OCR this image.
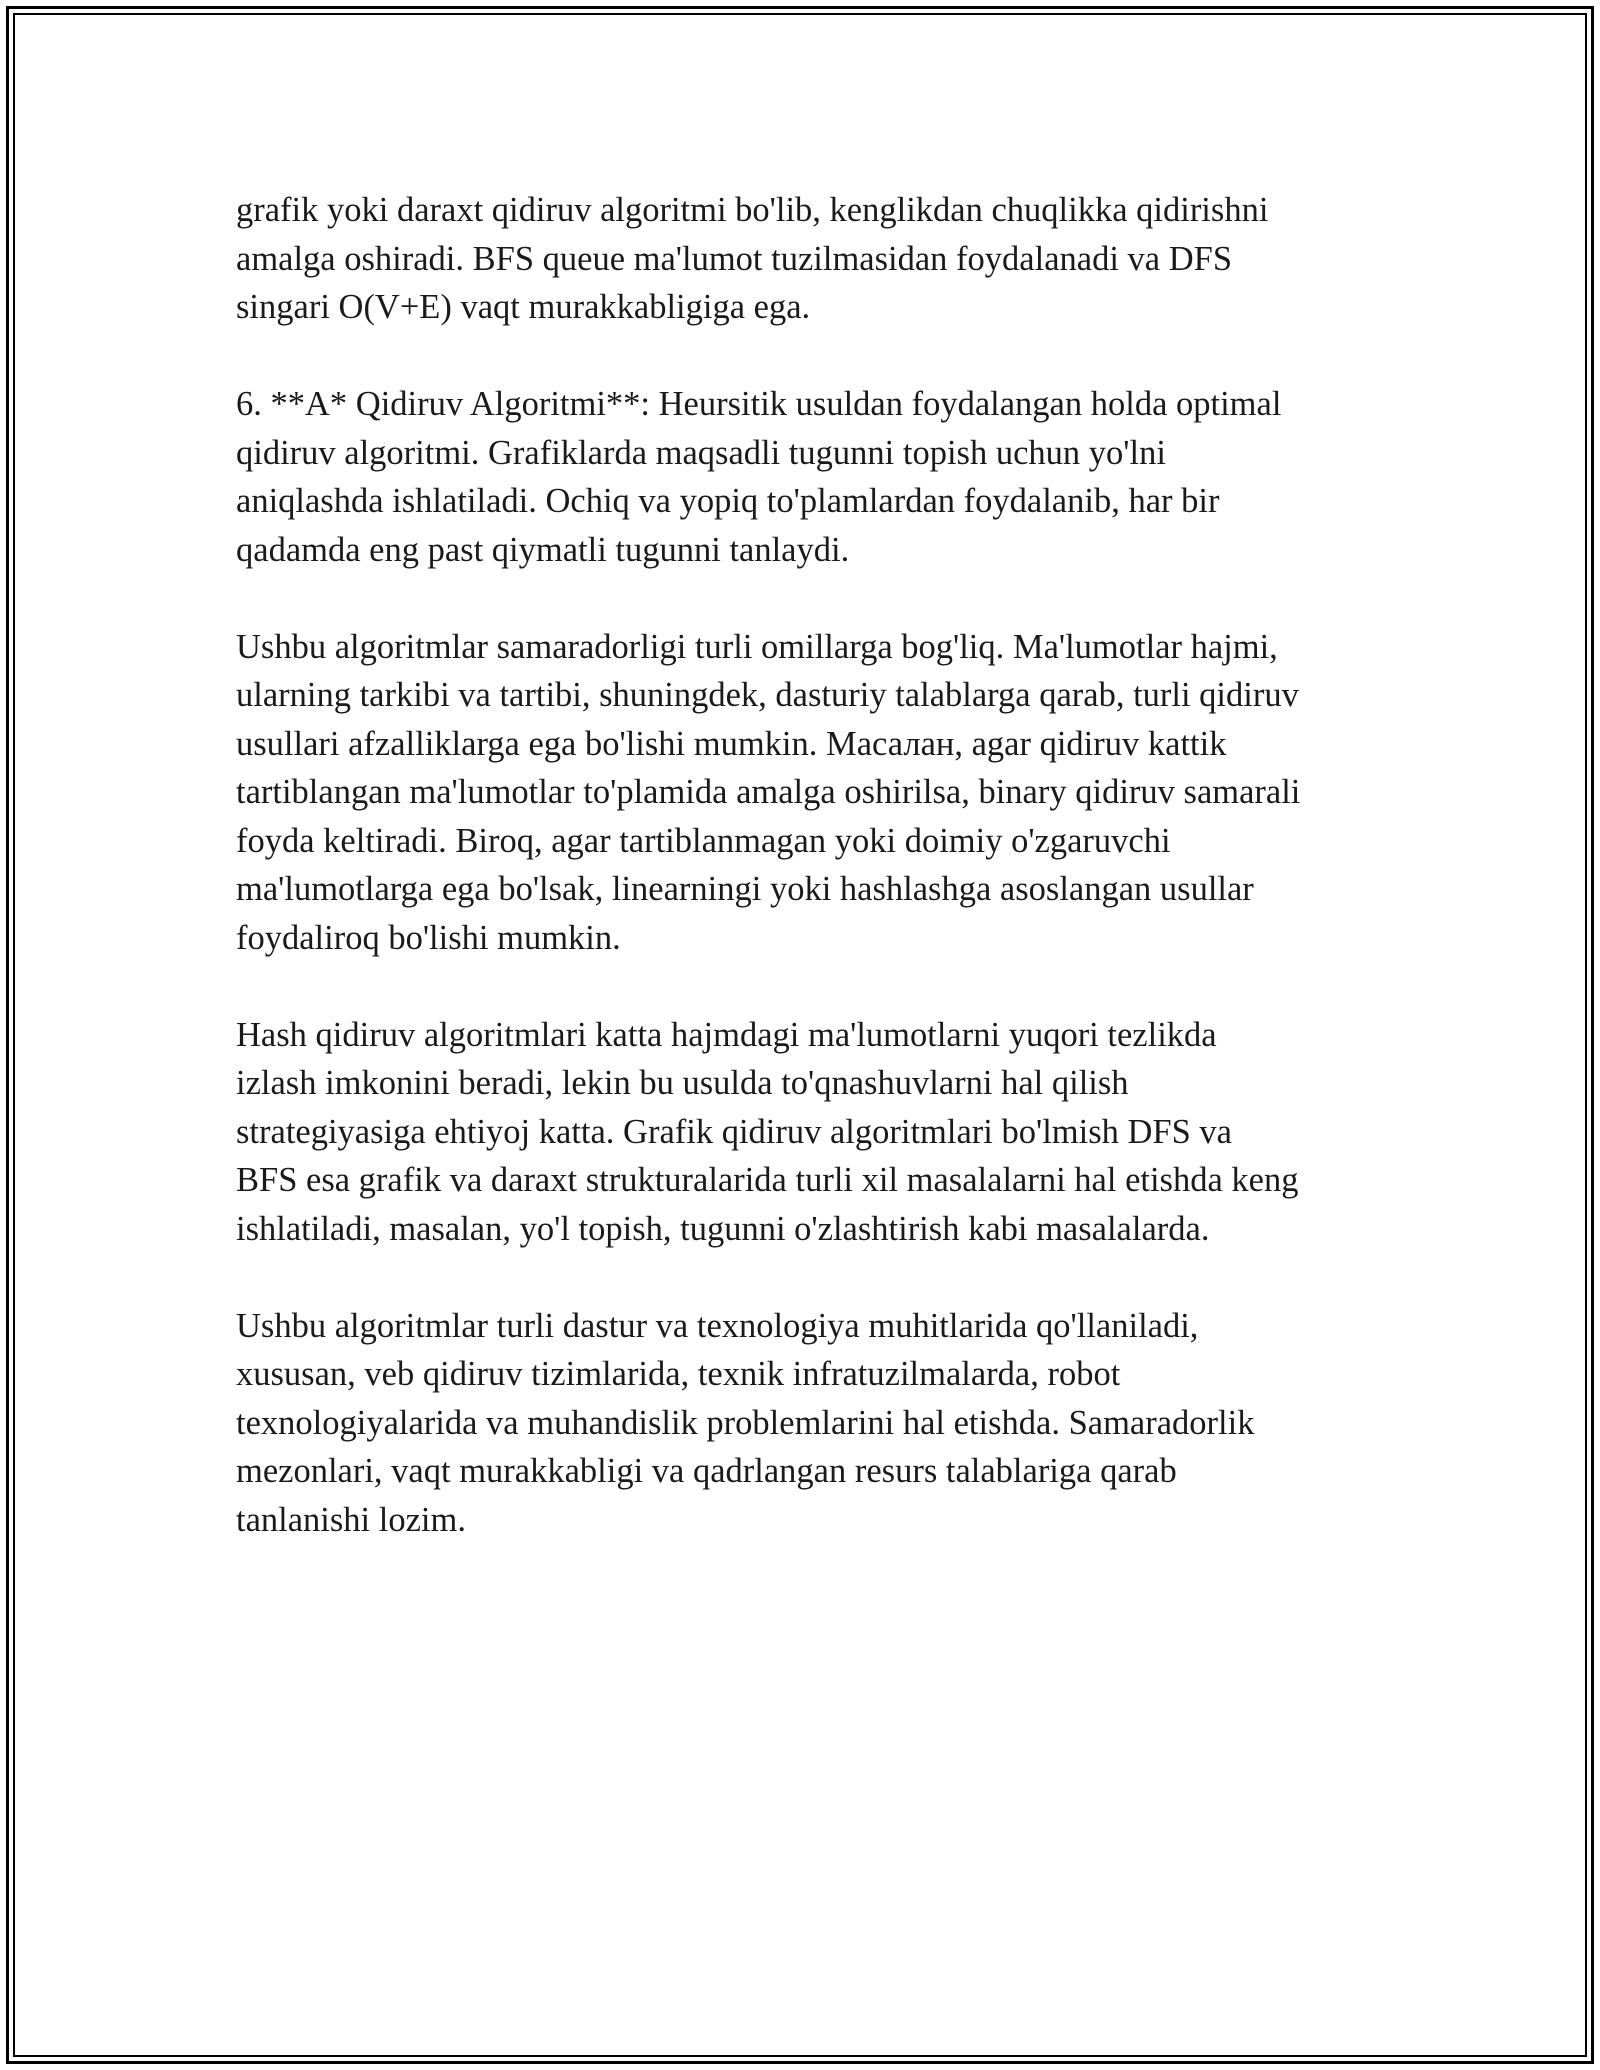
grafik yoki daraxt qidiruv algoritmi bo'lib, kenglikdan chuqlikka qidirishni
amalga oshiradi. BFS queue ma'lumot tuzilmasidan foydalanadi va DFS
singari O(V+E) vaqt murakkabligiga ega.

6. **A* Qidiruv Algoritmi**: Heursitik usuldan foydalangan holda optimal
qidiruv algoritmi. Grafiklarda maqsadli tugunni topish uchun yo'lni
aniqlashda ishlatiladi. Ochiq va yopiq to'plamlardan foydalanib, har bir
qadamda eng past qiymatli tugunni tanlaydi.

Ushbu algoritmlar samaradorligi turli omillarga bog'liq. Ma'lumotlar hajmi,
ularning tarkibi va tartibi, shuningdek, dasturiy talablarga qarab, turli qidiruv
usullari afzalliklarga ega bo'lishi mumkin. Масалан, agar qidiruv kattik
tartiblangan ma'lumotlar to'plamida amalga oshirilsa, binary qidiruv samarali
foyda keltiradi. Biroq, agar tartiblanmagan yoki doimiy o'zgaruvchi
ma'lumotlarga ega bo'lsak, linearningi yoki hashlashga asoslangan usullar
foydaliroq bo'lishi mumkin.

Hash qidiruv algoritmlari katta hajmdagi ma'lumotlarni yuqori tezlikda
izlash imkonini beradi, lekin bu usulda to'qnashuvlarni hal qilish
strategiyasiga ehtiyoj katta. Grafik qidiruv algoritmlari bo'lmish DFS va
BFS esa grafik va daraxt strukturalarida turli xil masalalarni hal etishda keng
ishlatiladi, masalan, yo'l topish, tugunni o'zlashtirish kabi masalalarda.

Ushbu algoritmlar turli dastur va texnologiya muhitlarida qo'llaniladi,
xususan, veb qidiruv tizimlarida, texnik infratuzilmalarda, robot
texnologiyalarida va muhandislik problemlarini hal etishda. Samaradorlik
mezonlari, vaqt murakkabligi va qadrlangan resurs talablariga qarab
tanlanishi lozim.
